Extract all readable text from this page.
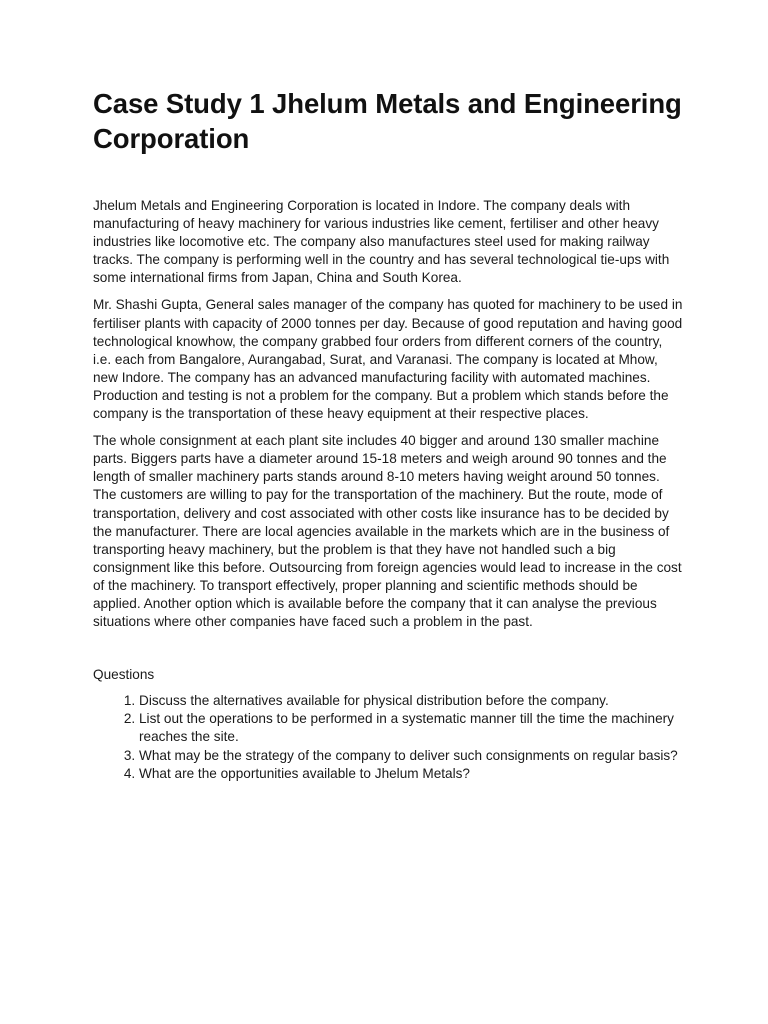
Case Study 1 Jhelum Metals and Engineering Corporation

Jhelum Metals and Engineering Corporation is located in Indore. The company deals with manufacturing of heavy machinery for various industries like cement, fertiliser and other heavy industries like locomotive etc. The company also manufactures steel used for making railway tracks. The company is performing well in the country and has several technological tie-ups with some international firms from Japan, China and South Korea.

Mr. Shashi Gupta, General sales manager of the company has quoted for machinery to be used in fertiliser plants with capacity of 2000 tonnes per day. Because of good reputation and having good technological knowhow, the company grabbed four orders from different corners of the country, i.e. each from Bangalore, Aurangabad, Surat, and Varanasi. The company is located at Mhow, new Indore. The company has an advanced manufacturing facility with automated machines. Production and testing is not a problem for the company. But a problem which stands before the company is the transportation of these heavy equipment at their respective places.

The whole consignment at each plant site includes 40 bigger and around 130 smaller machine parts. Biggers parts have a diameter around 15-18 meters and weigh around 90 tonnes and the length of smaller machinery parts stands around 8-10 meters having weight around 50 tonnes. The customers are willing to pay for the transportation of the machinery. But the route, mode of transportation, delivery and cost associated with other costs like insurance has to be decided by the manufacturer. There are local agencies available in the markets which are in the business of transporting heavy machinery, but the problem is that they have not handled such a big consignment like this before. Outsourcing from foreign agencies would lead to increase in the cost of the machinery. To transport effectively, proper planning and scientific methods should be applied. Another option which is available before the company that it can analyse the previous situations where other companies have faced such a problem in the past.

Questions
1. Discuss the alternatives available for physical distribution before the company.
2. List out the operations to be performed in a systematic manner till the time the machinery reaches the site.
3. What may be the strategy of the company to deliver such consignments on regular basis?
4. What are the opportunities available to Jhelum Metals?
